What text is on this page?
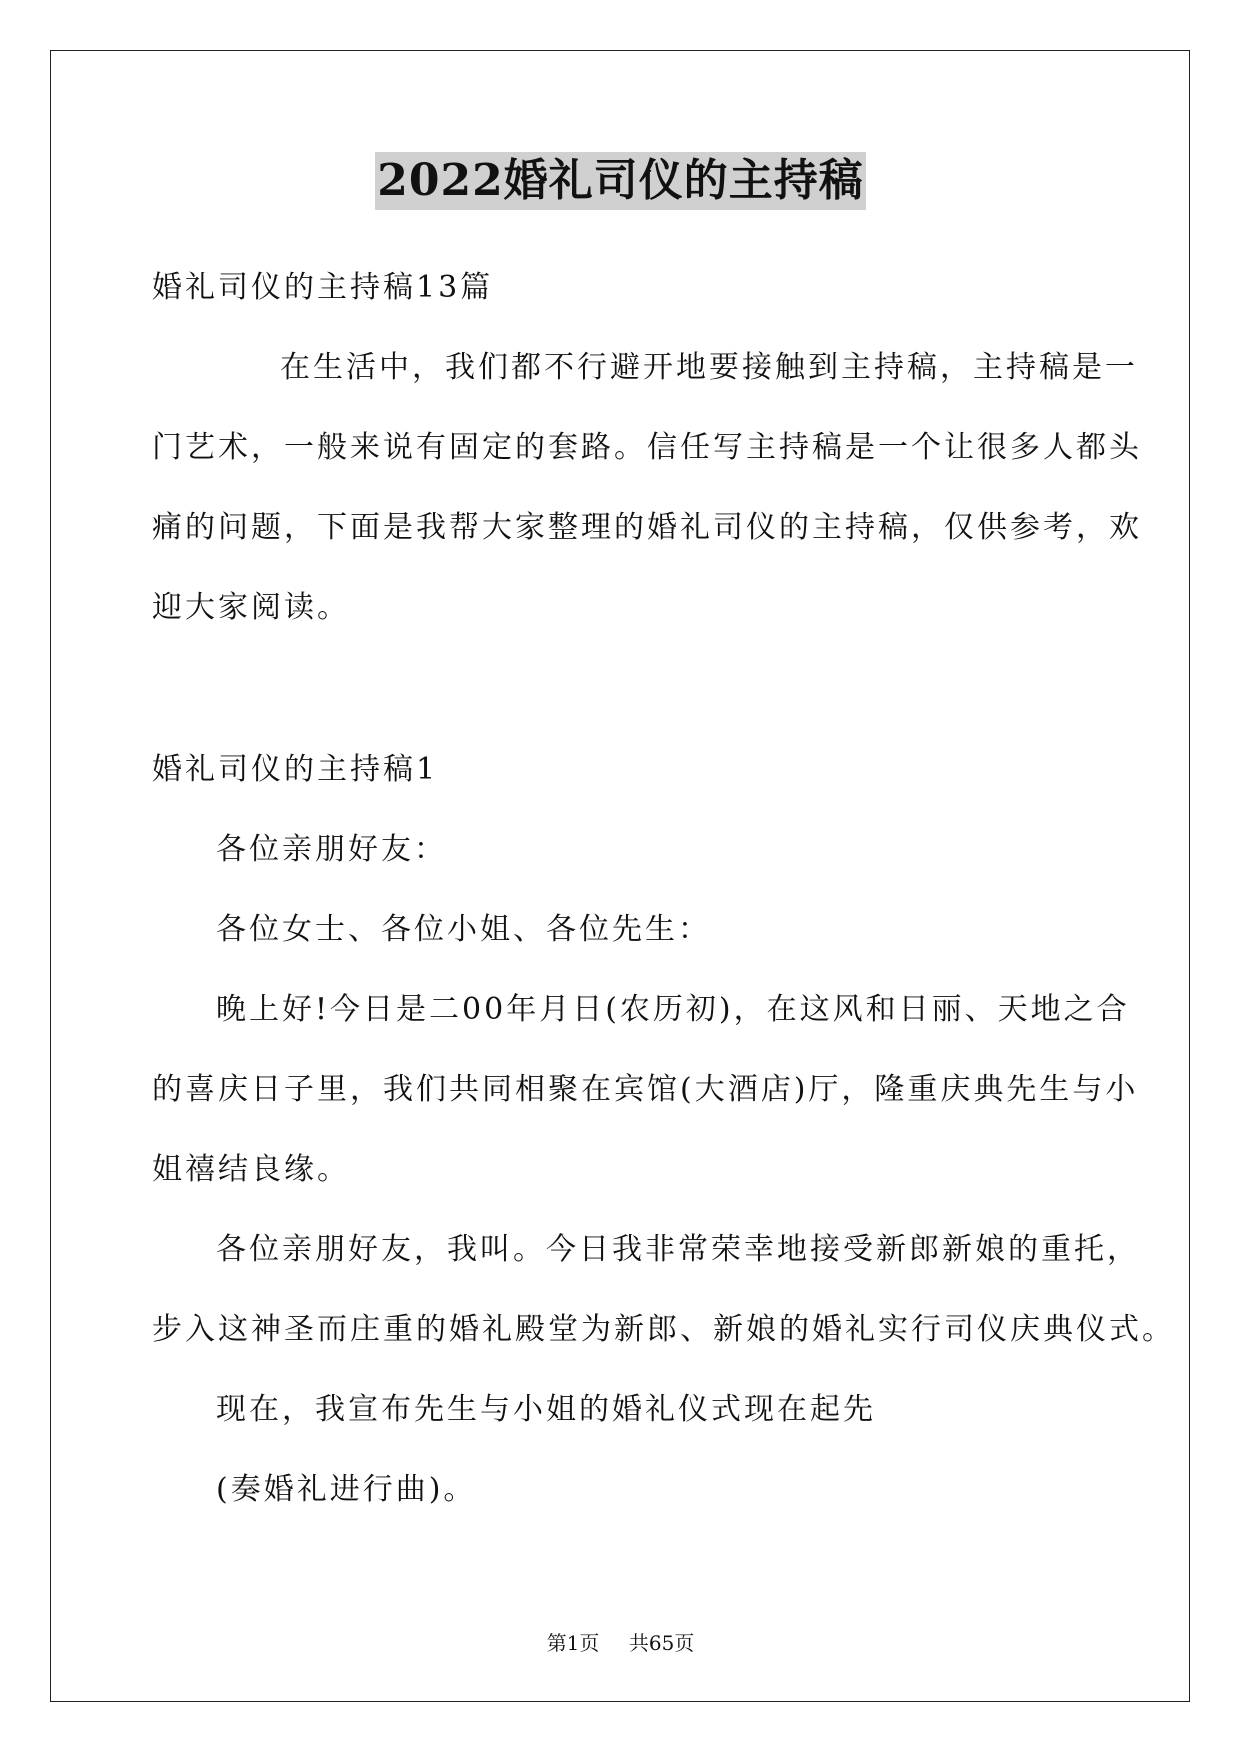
2022婚礼司仪的主持稿
婚礼司仪的主持稿13篇
在生活中，我们都不行避开地要接触到主持稿，主持稿是一
门艺术，一般来说有固定的套路。信任写主持稿是一个让很多人都头
痛的问题，下面是我帮大家整理的婚礼司仪的主持稿，仅供参考，欢
迎大家阅读。
婚礼司仪的主持稿1
各位亲朋好友：
各位女士、各位小姐、各位先生：
晚上好!今日是二00年月日(农历初)，在这风和日丽、天地之合
的喜庆日子里，我们共同相聚在宾馆(大酒店)厅，隆重庆典先生与小
姐禧结良缘。
各位亲朋好友，我叫。今日我非常荣幸地接受新郎新娘的重托，
步入这神圣而庄重的婚礼殿堂为新郎、新娘的婚礼实行司仪庆典仪式。
现在，我宣布先生与小姐的婚礼仪式现在起先
(奏婚礼进行曲)。
第1页 共65页
